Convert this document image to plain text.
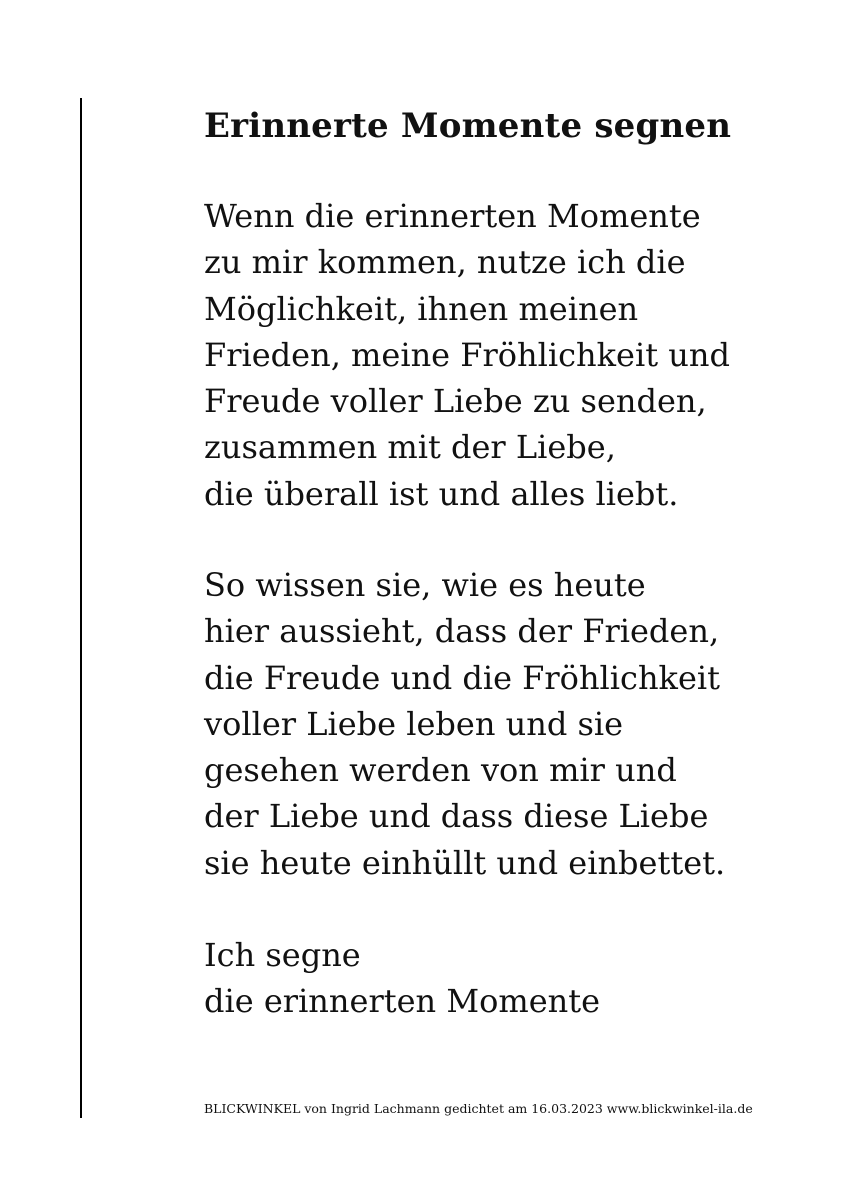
Erinnerte Momente segnen

Wenn die erinnerten Momente
zu mir kommen, nutze ich die
Möglichkeit, ihnen meinen
Frieden, meine Fröhlichkeit und
Freude voller Liebe zu senden,
zusammen mit der Liebe,
die überall ist und alles liebt.

So wissen sie, wie es heute
hier aussieht, dass der Frieden,
die Freude und die Fröhlichkeit
voller Liebe leben und sie
gesehen werden von mir und
der Liebe und dass diese Liebe
sie heute einhüllt und einbettet.

Ich segne
die erinnerten Momente

BLICKWINKEL von Ingrid Lachmann gedichtet am 16.03.2023 www.blickwinkel-ila.de
